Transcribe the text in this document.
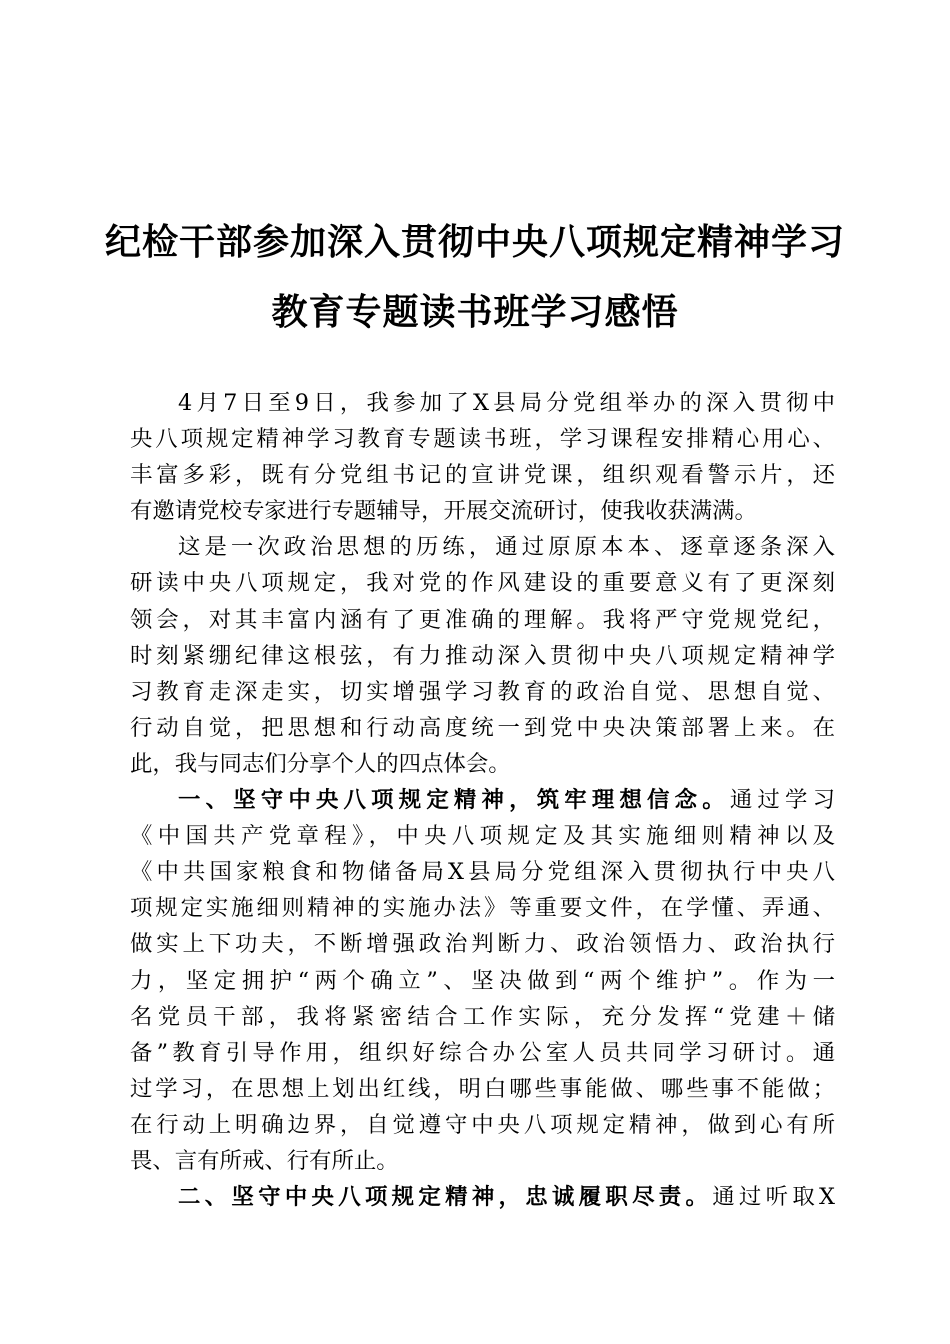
纪检干部参加深入贯彻中央八项规定精神学习
教育专题读书班学习感悟
4月7日至9日，我参加了X县局分党组举办的深入贯彻中
央八项规定精神学习教育专题读书班，学习课程安排精心用心、
丰富多彩，既有分党组书记的宣讲党课，组织观看警示片，还
有邀请党校专家进行专题辅导，开展交流研讨，使我收获满满。
这是一次政治思想的历练，通过原原本本、逐章逐条深入
研读中央八项规定，我对党的作风建设的重要意义有了更深刻
领会，对其丰富内涵有了更准确的理解。我将严守党规党纪，
时刻紧绷纪律这根弦，有力推动深入贯彻中央八项规定精神学
习教育走深走实，切实增强学习教育的政治自觉、思想自觉、
行动自觉，把思想和行动高度统一到党中央决策部署上来。在
此，我与同志们分享个人的四点体会。
一、坚守中央八项规定精神，筑牢理想信念。通过学习
《中国共产党章程》，中央八项规定及其实施细则精神以及
《中共国家粮食和物储备局X县局分党组深入贯彻执行中央八
项规定实施细则精神的实施办法》等重要文件，在学懂、弄通、
做实上下功夫，不断增强政治判断力、政治领悟力、政治执行
力，坚定拥护“两个确立”、坚决做到“两个维护”。作为一
名党员干部，我将紧密结合工作实际，充分发挥“党建＋储
备”教育引导作用，组织好综合办公室人员共同学习研讨。通
过学习，在思想上划出红线，明白哪些事能做、哪些事不能做；
在行动上明确边界，自觉遵守中央八项规定精神，做到心有所
畏、言有所戒、行有所止。
二、坚守中央八项规定精神，忠诚履职尽责。通过听取X
